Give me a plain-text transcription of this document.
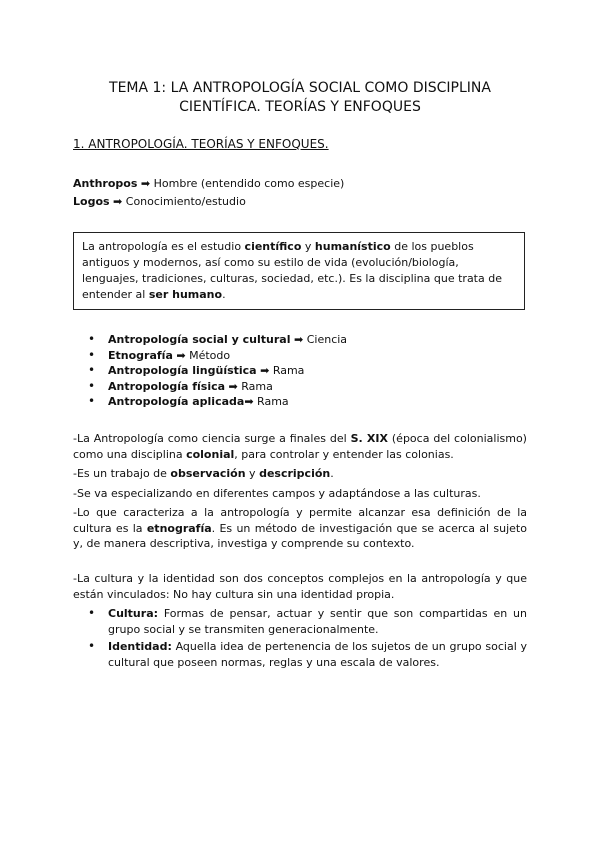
TEMA 1: LA ANTROPOLOGÍA SOCIAL COMO DISCIPLINA
CIENTÍFICA. TEORÍAS Y ENFOQUES
1. ANTROPOLOGÍA. TEORÍAS Y ENFOQUES.
Anthropos ➡ Hombre (entendido como especie)
Logos ➡ Conocimiento/estudio
La antropología es el estudio científico y humanístico de los pueblos antiguos y modernos, así como su estilo de vida (evolución/biología, lenguajes, tradiciones, culturas, sociedad, etc.). Es la disciplina que trata de entender al ser humano.
• Antropología social y cultural ➡ Ciencia
• Etnografía ➡ Método
• Antropología lingüística ➡ Rama
• Antropología física ➡ Rama
• Antropología aplicada➡ Rama

-La Antropología como ciencia surge a finales del S. XIX (época del colonialismo) como una disciplina colonial, para controlar y entender las colonias.

-Es un trabajo de observación y descripción.

-Se va especializando en diferentes campos y adaptándose a las culturas.

-Lo que caracteriza a la antropología y permite alcanzar esa definición de la cultura es la etnografía. Es un método de investigación que se acerca al sujeto y, de manera descriptiva, investiga y comprende su contexto.

-La cultura y la identidad son dos conceptos complejos en la antropología y que están vinculados: No hay cultura sin una identidad propia.

• Cultura: Formas de pensar, actuar y sentir que son compartidas en un grupo social y se transmiten generacionalmente.
• Identidad: Aquella idea de pertenencia de los sujetos de un grupo social y cultural que poseen normas, reglas y una escala de valores.
